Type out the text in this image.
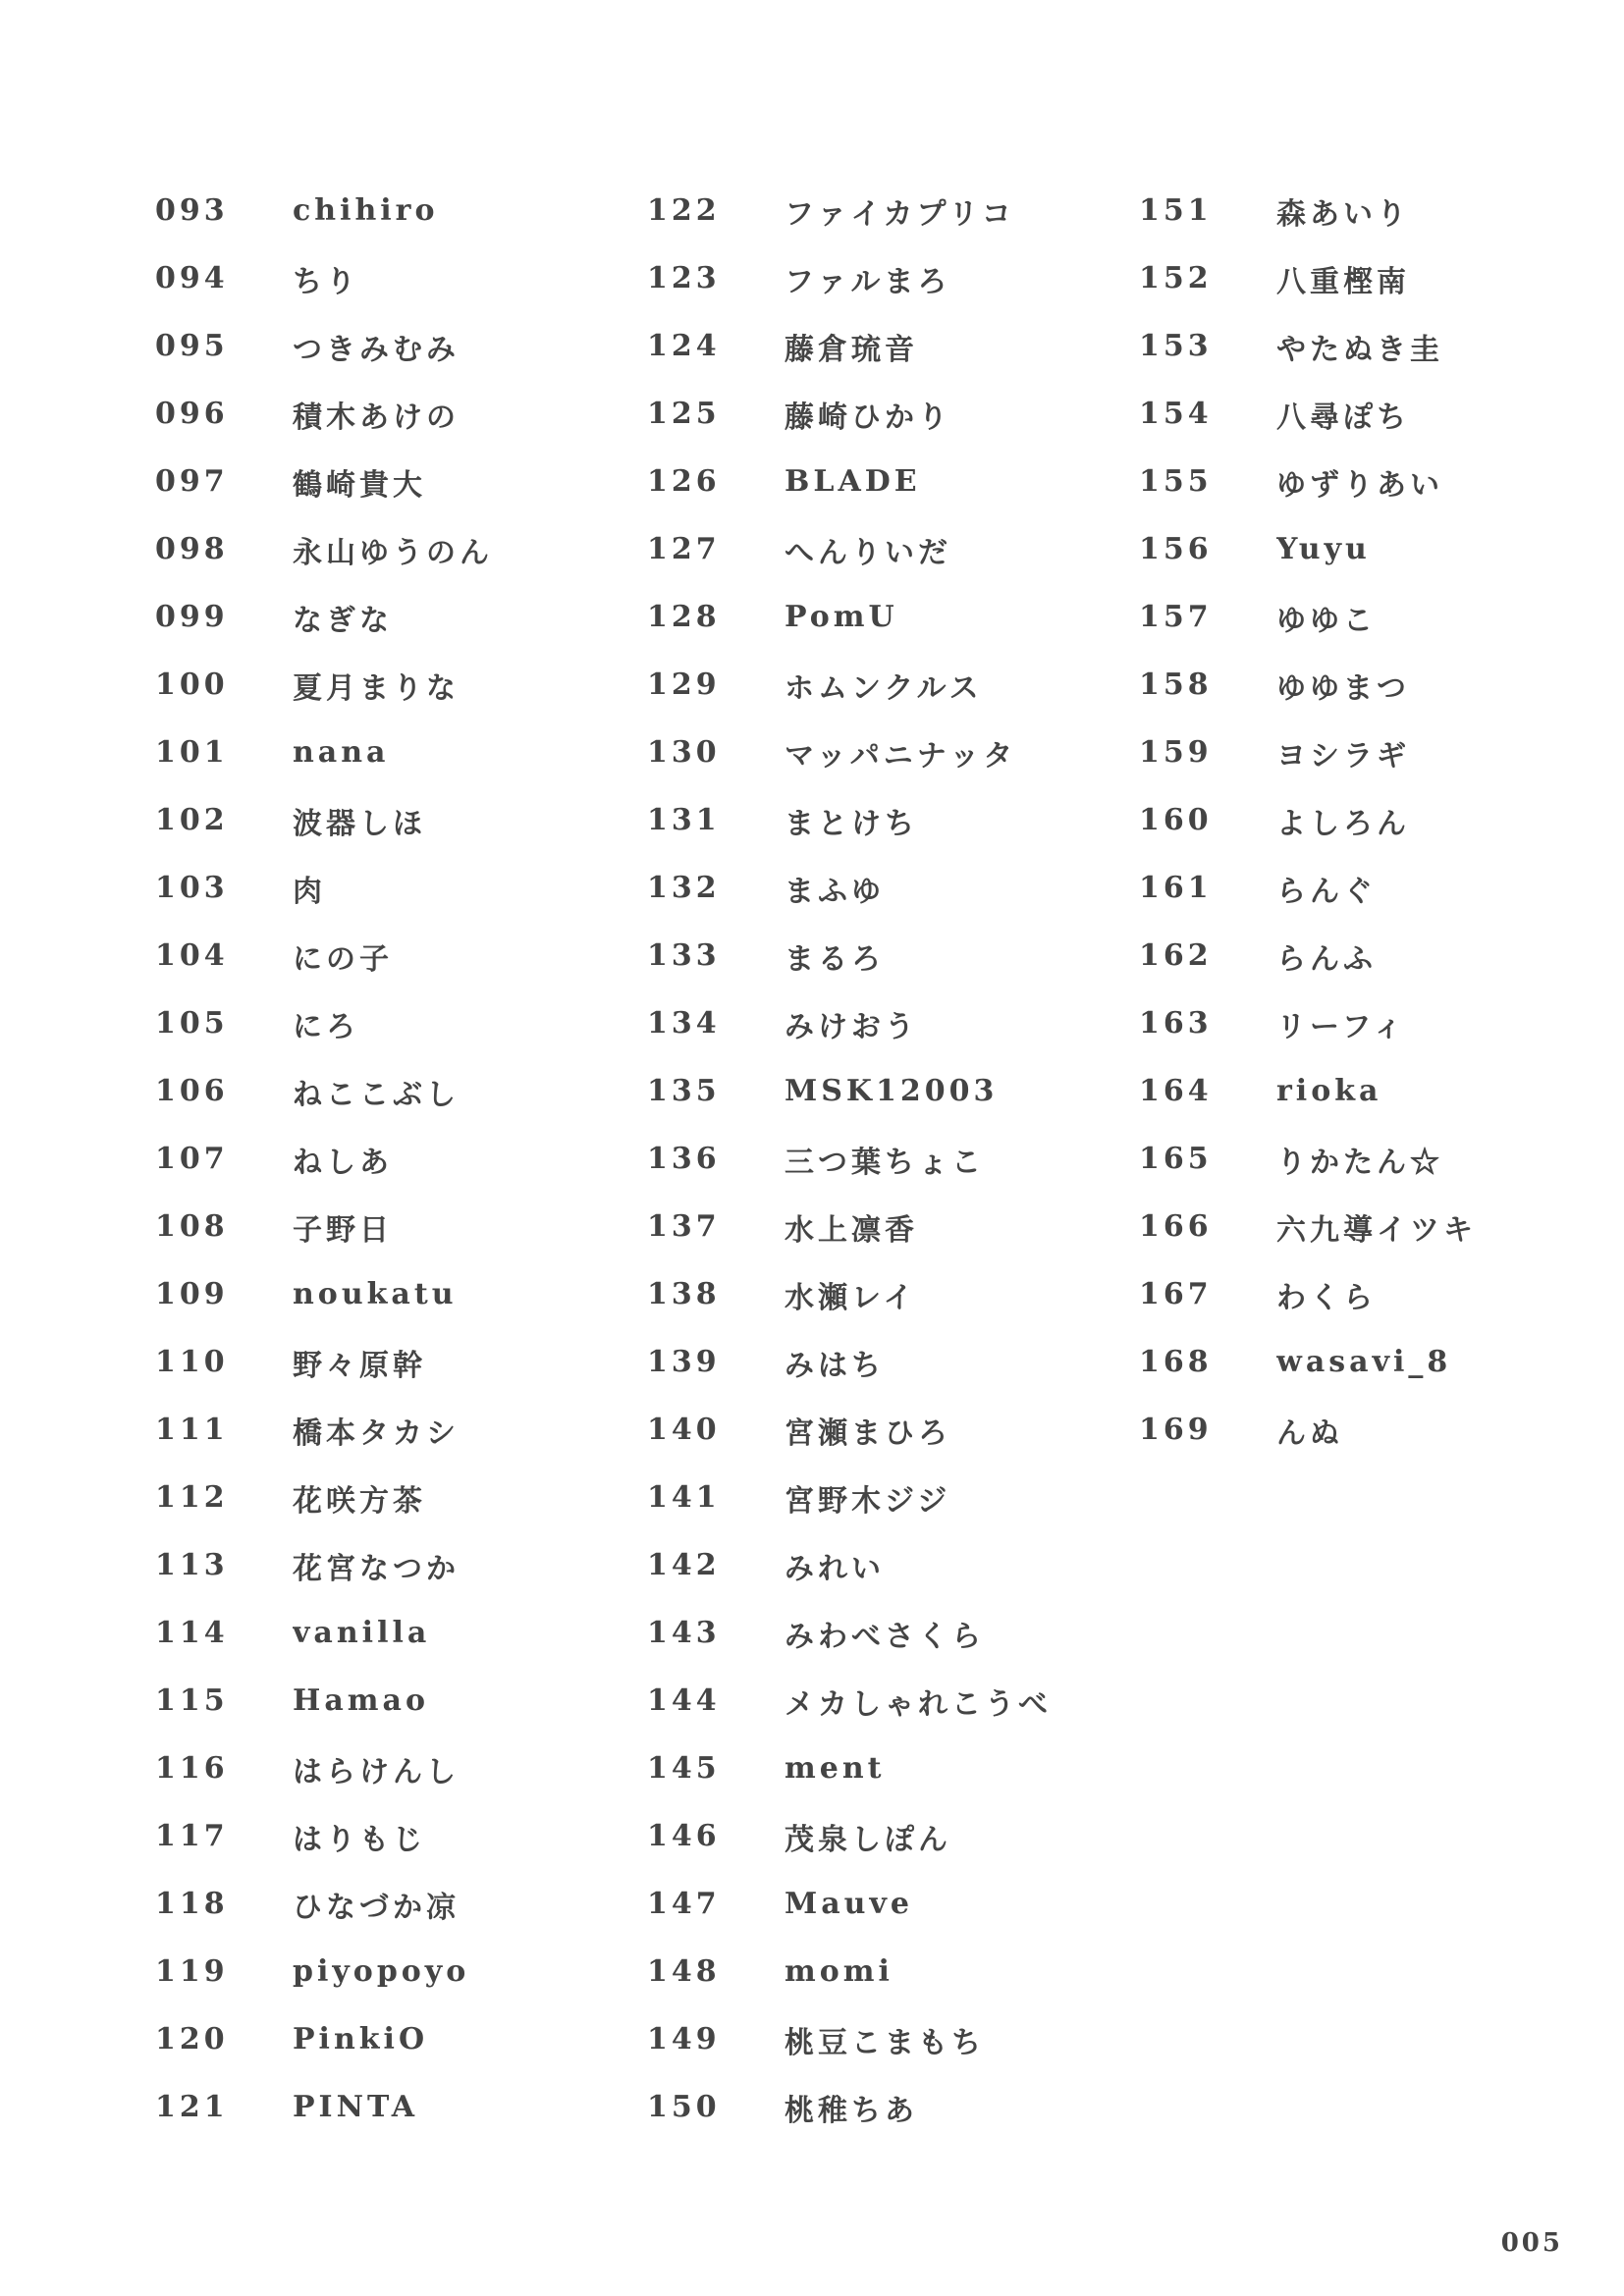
093	chihiro
094	ちり
095	つきみむみ
096	積木あけの
097	鶴崎貴大
098	永山ゆうのん
099	なぎな
100	夏月まりな
101	nana
102	波器しほ
103	肉
104	にの子
105	にろ
106	ねここぶし
107	ねしあ
108	子野日
109	noukatu
110	野々原幹
111	橋本タカシ
112	花咲方茶
113	花宮なつか
114	vanilla
115	Hamao
116	はらけんし
117	はりもじ
118	ひなづか凉
119	piyopoyo
120	PinkiO
121	PINTA
122	ファイカプリコ
123	ファルまろ
124	藤倉琉音
125	藤崎ひかり
126	BLADE
127	へんりいだ
128	PomU
129	ホムンクルス
130	マッパニナッタ
131	まとけち
132	まふゆ
133	まるろ
134	みけおう
135	MSK12003
136	三つ葉ちょこ
137	水上凛香
138	水瀬レイ
139	みはち
140	宮瀬まひろ
141	宮野木ジジ
142	みれい
143	みわべさくら
144	メカしゃれこうべ
145	ment
146	茂泉しぽん
147	Mauve
148	momi
149	桃豆こまもち
150	桃稚ちあ
151	森あいり
152	八重樫南
153	やたぬき圭
154	八尋ぽち
155	ゆずりあい
156	Yuyu
157	ゆゆこ
158	ゆゆまつ
159	ヨシラギ
160	よしろん
161	らんぐ
162	らんふ
163	リーフィ
164	rioka
165	りかたん☆
166	六九導イツキ
167	わくら
168	wasavi_8
169	んぬ
005
